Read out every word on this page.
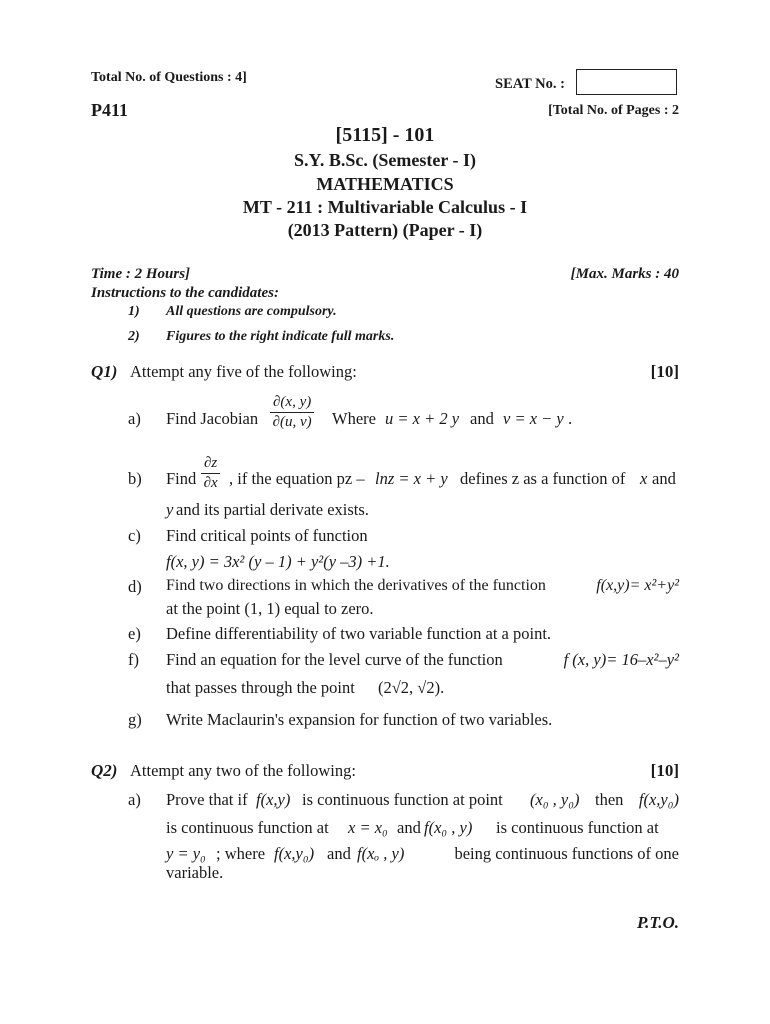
Total No. of Questions : 4]	SEAT No. :
P411	[Total No. of Pages : 2
[5115] - 101
S.Y. B.Sc. (Semester - I)
MATHEMATICS
MT - 211 : Multivariable Calculus - I
(2013 Pattern) (Paper - I)
Time : 2 Hours]	[Max. Marks : 40
Instructions to the candidates:
1) All questions are compulsory.
2) Figures to the right indicate full marks.
Q1) Attempt any five of the following:	[10]
a) Find Jacobian $\frac{\partial(x, y)}{\partial(u, v)}$ Where u = x + 2 y and v = x − y .
b) Find $\frac{\partial z}{\partial x}$ , if the equation pz – lnz = x + y defines z as a function of x and
y and its partial derivate exists.
c) Find critical points of function
f(x, y) = 3x² (y – 1) + y²(y –3) +1.
d) Find two directions in which the derivatives of the function	f(x,y)= x²+y²
at the point (1, 1) equal to zero.
e) Define differentiability of two variable function at a point.
f) Find an equation for the level curve of the function	f (x, y)= 16–x²–y²
that passes through the point (2√2, √2).
g) Write Maclaurin's expansion for function of two variables.
Q2) Attempt any two of the following:	[10]
a) Prove that if f(x,y) is continuous function at point (x₀ , y₀) then f(x,y₀)
is continuous function at x = x₀ and f(x₀ , y) is continuous function at
y = y₀ ; where f(x,y₀) and f(xₒ , y)	being continuous functions of one
variable.
P.T.O.
